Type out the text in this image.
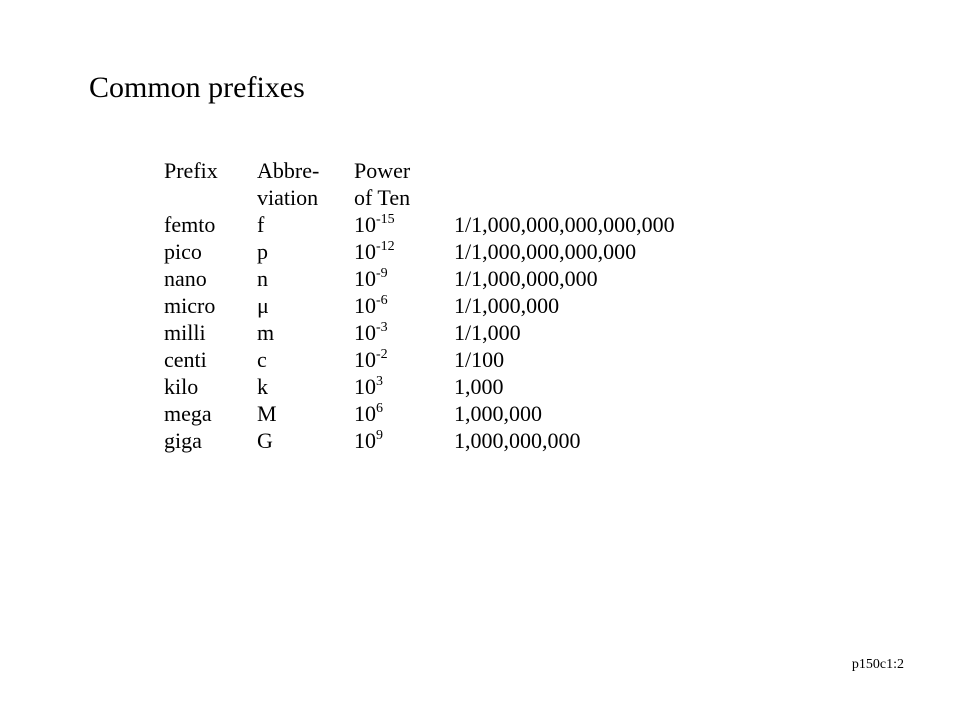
Common prefixes
Prefix Abbre- Power
viation of Ten
femto f	$10^{-15}$	1/1,000,000,000,000,000
pico	p	$10^{-12}$	1/1,000,000,000,000
nano n	$10^{-9}$	1/1,000,000,000
micro μ	$10^{-6}$	1/1,000,000
milli m	$10^{-3}$	1/1,000
centi c	$10^{-2}$	1/100
kilo	k	$10^3$	1,000
mega M	$10^6$	1,000,000
giga	G	$10^9$	1,000,000,000
p150c1:2
